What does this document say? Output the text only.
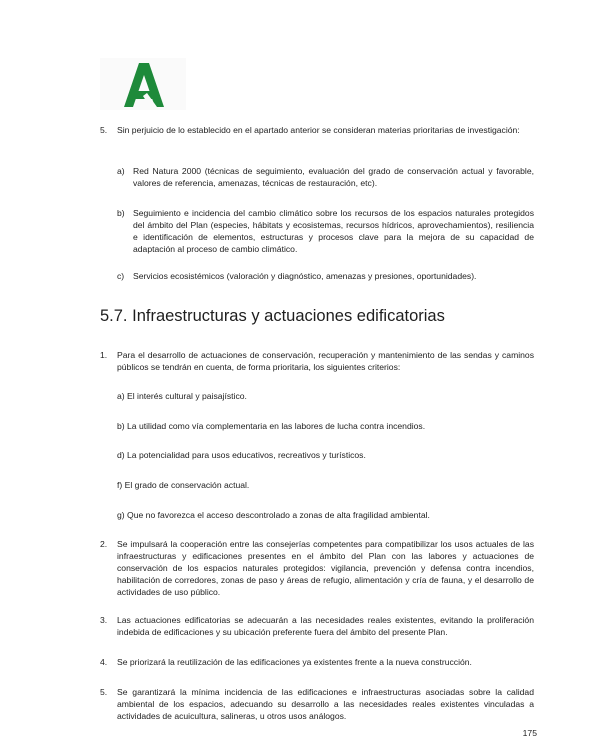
5. Sin perjuicio de lo establecido en el apartado anterior se consideran materias prioritarias de investigación:
a) Red Natura 2000 (técnicas de seguimiento, evaluación del grado de conservación actual y favorable, valores de referencia, amenazas, técnicas de restauración, etc).
b) Seguimiento e incidencia del cambio climático sobre los recursos de los espacios naturales protegidos del ámbito del Plan (especies, hábitats y ecosistemas, recursos hídricos, aprovechamientos), resiliencia e identificación de elementos, estructuras y procesos clave para la mejora de su capacidad de adaptación al proceso de cambio climático.
c) Servicios ecosistémicos (valoración y diagnóstico, amenazas y presiones, oportunidades).
5.7. Infraestructuras y actuaciones edificatorias
1. Para el desarrollo de actuaciones de conservación, recuperación y mantenimiento de las sendas y caminos públicos se tendrán en cuenta, de forma prioritaria, los siguientes criterios:
a) El interés cultural y paisajístico.
b) La utilidad como vía complementaria en las labores de lucha contra incendios.
d) La potencialidad para usos educativos, recreativos y turísticos.
f) El grado de conservación actual.
g) Que no favorezca el acceso descontrolado a zonas de alta fragilidad ambiental.
2. Se impulsará la cooperación entre las consejerías competentes para compatibilizar los usos actuales de las infraestructuras y edificaciones presentes en el ámbito del Plan con las labores y actuaciones de conservación de los espacios naturales protegidos: vigilancia, prevención y defensa contra incendios, habilitación de corredores, zonas de paso y áreas de refugio, alimentación y cría de fauna, y el desarrollo de actividades de uso público.
3. Las actuaciones edificatorias se adecuarán a las necesidades reales existentes, evitando la proliferación indebida de edificaciones y su ubicación preferente fuera del ámbito del presente Plan.
4. Se priorizará la reutilización de las edificaciones ya existentes frente a la nueva construcción.
5. Se garantizará la mínima incidencia de las edificaciones e infraestructuras asociadas sobre la calidad ambiental de los espacios, adecuando su desarrollo a las necesidades reales existentes vinculadas a actividades de acuicultura, salineras, u otros usos análogos.
175
